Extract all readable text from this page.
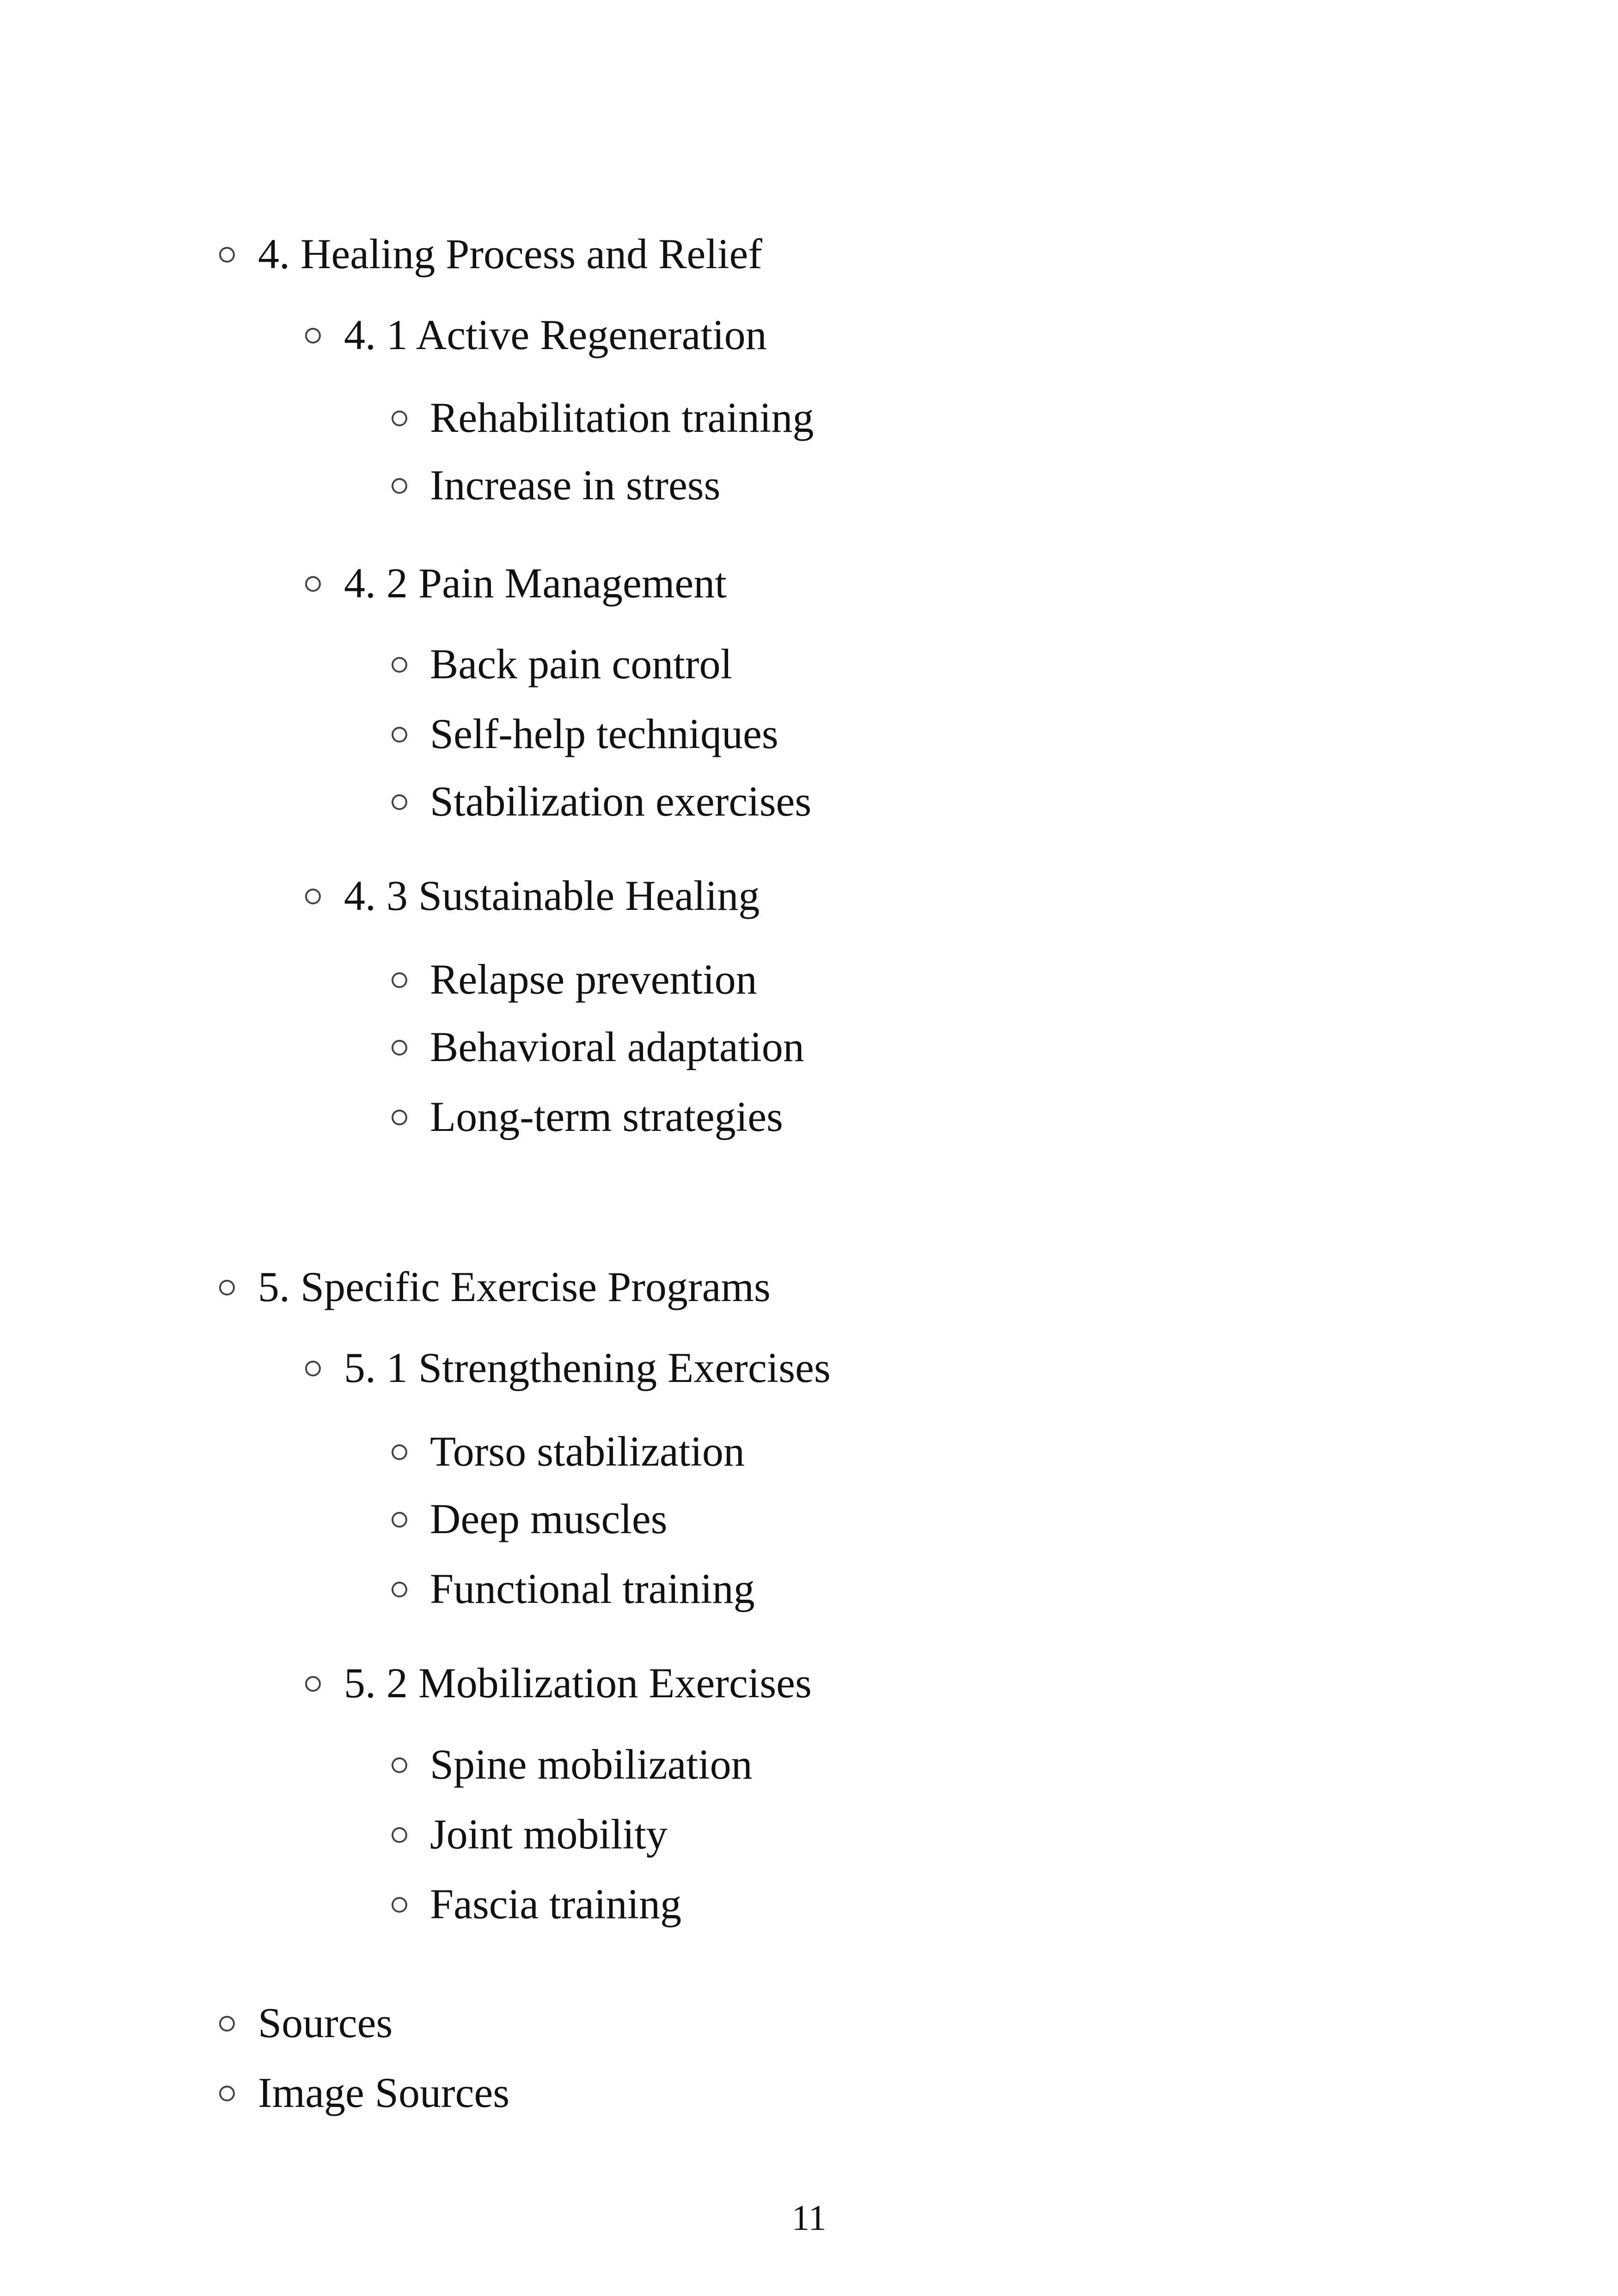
4. Healing Process and Relief
4. 1 Active Regeneration
Rehabilitation training
Increase in stress
4. 2 Pain Management
Back pain control
Self-help techniques
Stabilization exercises
4. 3 Sustainable Healing
Relapse prevention
Behavioral adaptation
Long-term strategies
5. Specific Exercise Programs
5. 1 Strengthening Exercises
Torso stabilization
Deep muscles
Functional training
5. 2 Mobilization Exercises
Spine mobilization
Joint mobility
Fascia training
Sources
Image Sources
11
